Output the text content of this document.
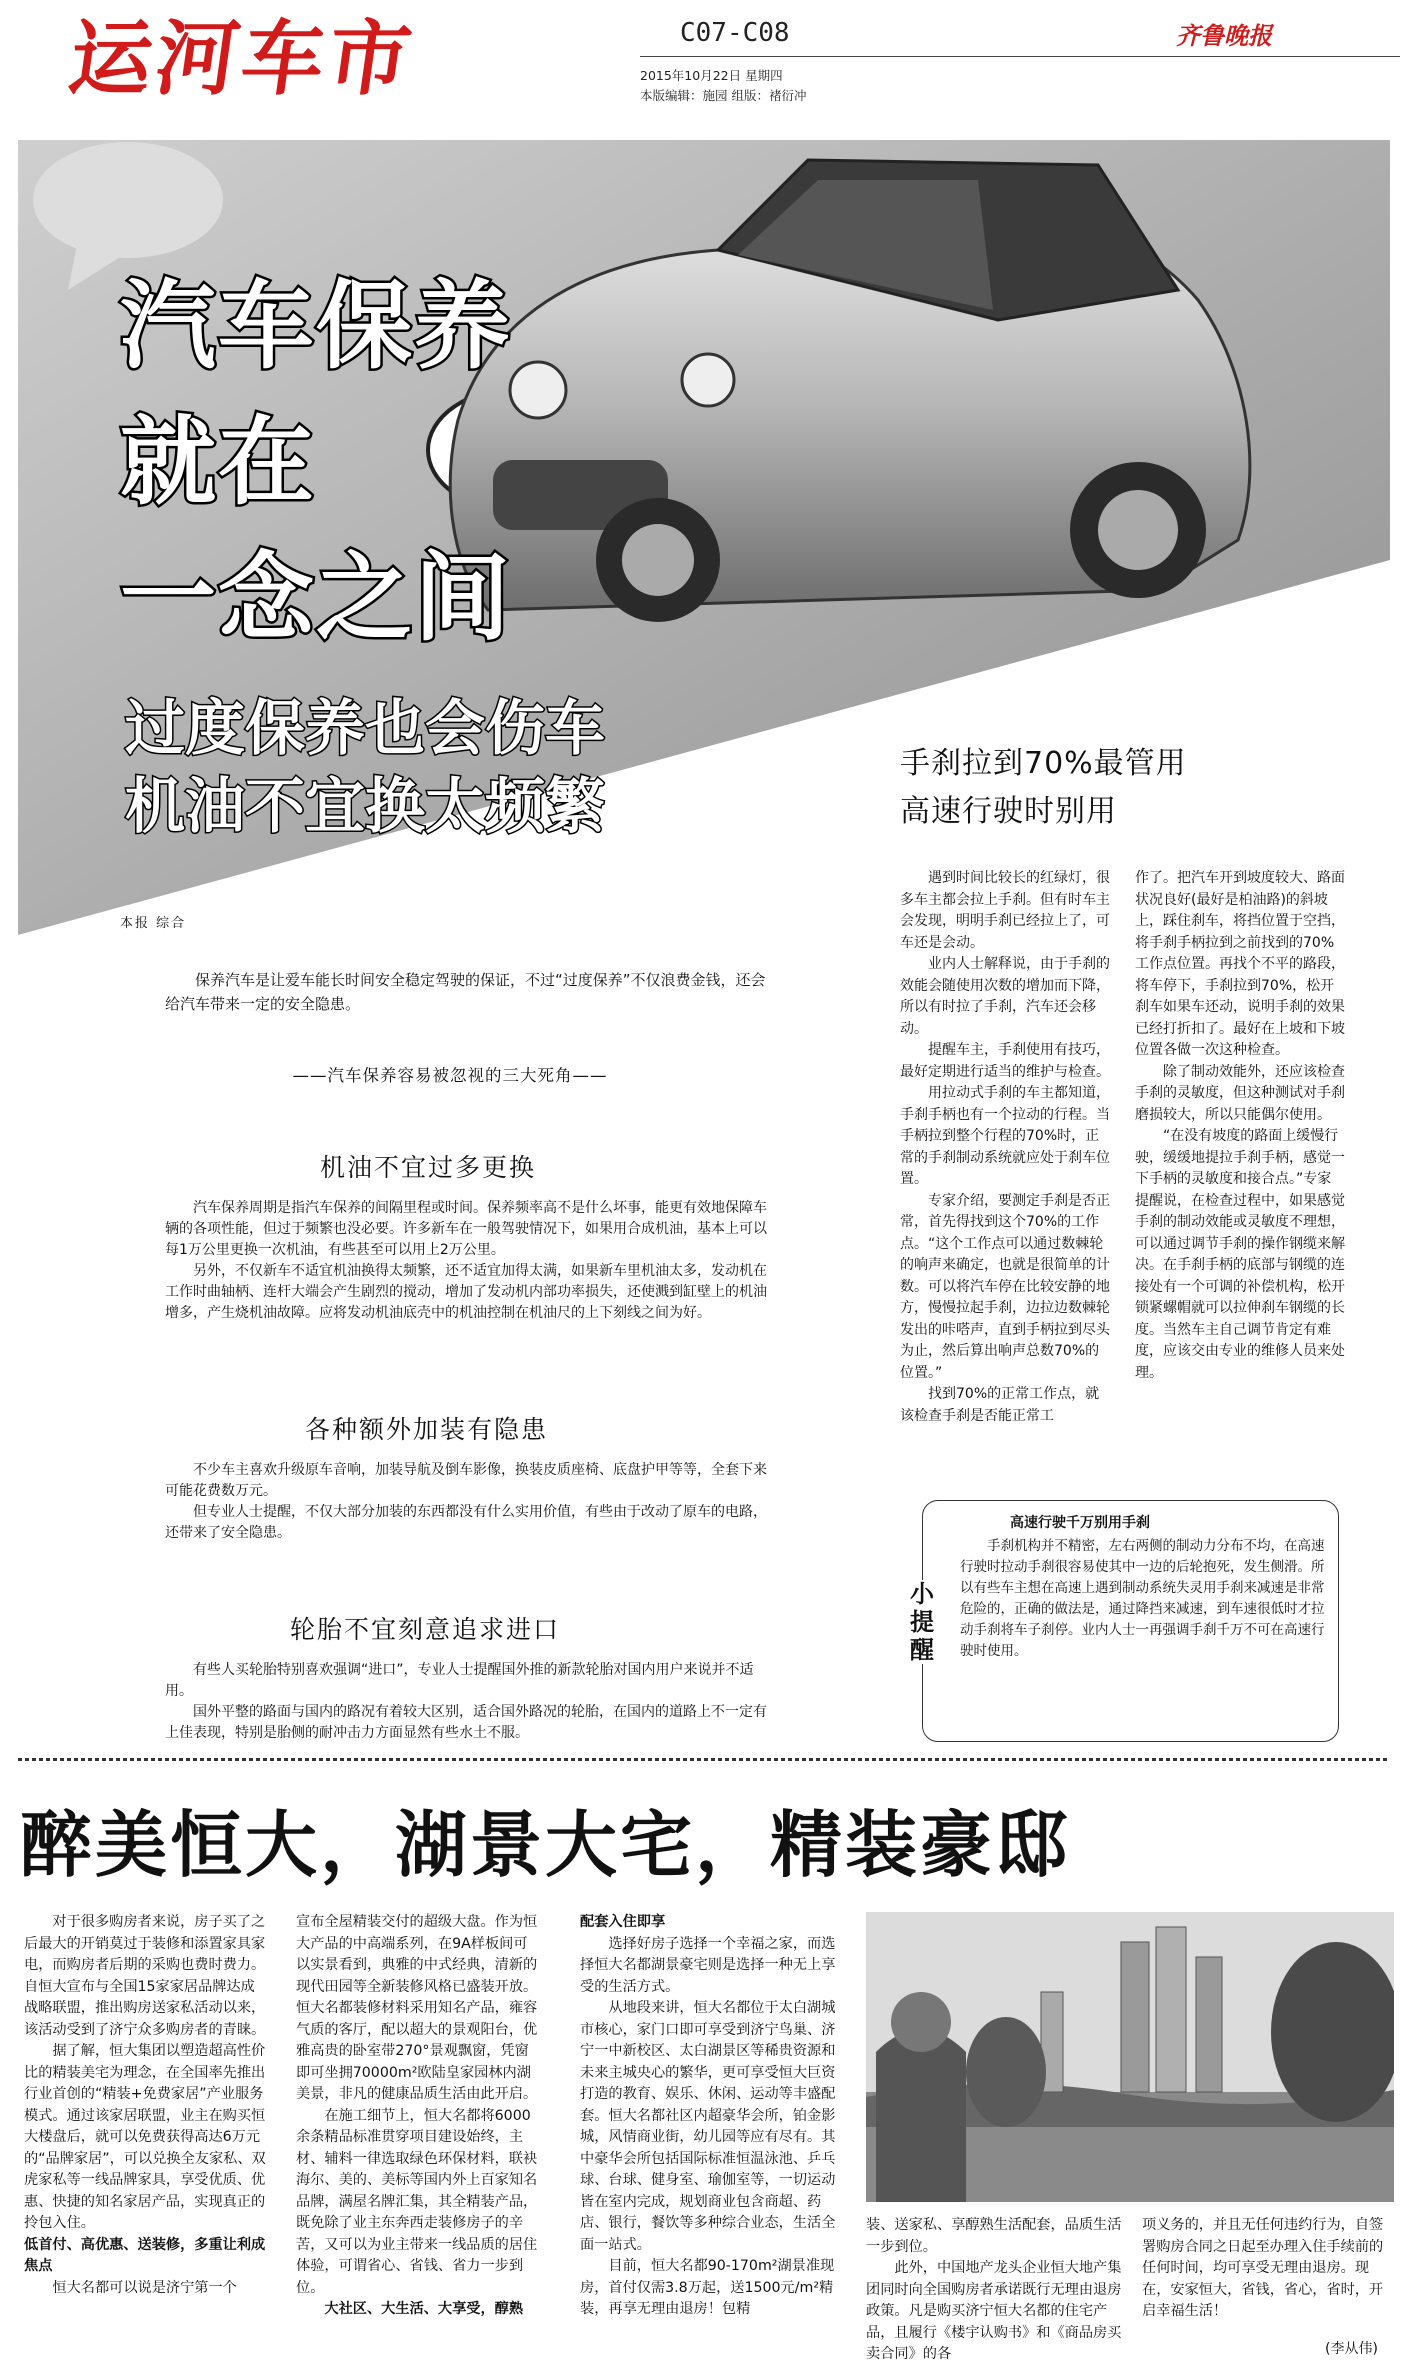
运河车市	C07-C08
2015年10月22日 星期四
本版编辑：施园 组版：褚衍冲
齐鲁晚报
汽车保养
就在
一念之间
过度保养也会伤车
机油不宜换太频繁
本报 综合

保养汽车是让爱车能长时间安全稳定驾驶的保证，不过“过度保养”不仅浪费金钱，还会给汽车带来一定的安全隐患。

——汽车保养容易被忽视的三大死角——
机油不宜过多更换

汽车保养周期是指汽车保养的间隔里程或时间。保养频率高不是什么坏事，能更有效地保障车辆的各项性能，但过于频繁也没必要。许多新车在一般驾驶情况下，如果用合成机油，基本上可以每1万公里更换一次机油，有些甚至可以用上2万公里。

另外，不仅新车不适宜机油换得太频繁，还不适宜加得太满，如果新车里机油太多，发动机在工作时曲轴柄、连杆大端会产生剧烈的搅动，增加了发动机内部功率损失，还使溅到缸壁上的机油增多，产生烧机油故障。应将发动机油底壳中的机油控制在机油尺的上下刻线之间为好。

各种额外加装有隐患

不少车主喜欢升级原车音响，加装导航及倒车影像，换装皮质座椅、底盘护甲等等，全套下来可能花费数万元。

但专业人士提醒，不仅大部分加装的东西都没有什么实用价值，有些由于改动了原车的电路，还带来了安全隐患。

轮胎不宜刻意追求进口

有些人买轮胎特别喜欢强调“进口”，专业人士提醒国外推的新款轮胎对国内用户来说并不适用。

国外平整的路面与国内的路况有着较大区别，适合国外路况的轮胎，在国内的道路上不一定有上佳表现，特别是胎侧的耐冲击力方面显然有些水土不服。

手刹拉到70%最管用
高速行驶时别用

遇到时间比较长的红绿灯，很多车主都会拉上手刹。但有时车主会发现，明明手刹已经拉上了，可车还是会动。

业内人士解释说，由于手刹的效能会随使用次数的增加而下降，所以有时拉了手刹，汽车还会移动。

提醒车主，手刹使用有技巧，最好定期进行适当的维护与检查。

用拉动式手刹的车主都知道，手刹手柄也有一个拉动的行程。当手柄拉到整个行程的70%时，正常的手刹制动系统就应处于刹车位置。

专家介绍，要测定手刹是否正常，首先得找到这个70%的工作点。“这个工作点可以通过数棘轮的响声来确定，也就是很简单的计数。可以将汽车停在比较安静的地方，慢慢拉起手刹，边拉边数棘轮发出的咔嗒声，直到手柄拉到尽头为止，然后算出响声总数70%的位置。”

找到70%的正常工作点，就该检查手刹是否能正常工

作了。把汽车开到坡度较大、路面状况良好(最好是柏油路)的斜坡上，踩住刹车，将挡位置于空挡，将手刹手柄拉到之前找到的70%工作点位置。再找个不平的路段，将车停下，手刹拉到70%，松开刹车如果车还动，说明手刹的效果已经打折扣了。最好在上坡和下坡位置各做一次这种检查。

除了制动效能外，还应该检查手刹的灵敏度，但这种测试对手刹磨损较大，所以只能偶尔使用。

“在没有坡度的路面上缓慢行驶，缓缓地提拉手刹手柄，感觉一下手柄的灵敏度和接合点。”专家提醒说，在检查过程中，如果感觉手刹的制动效能或灵敏度不理想，可以通过调节手刹的操作钢缆来解决。在手刹手柄的底部与钢缆的连接处有一个可调的补偿机构，松开锁紧螺帽就可以拉伸刹车钢缆的长度。当然车主自己调节肯定有难度，应该交由专业的维修人员来处理。

小提醒
高速行驶千万别用手刹

手刹机构并不精密，左右两侧的制动力分布不均，在高速行驶时拉动手刹很容易使其中一边的后轮抱死，发生侧滑。所以有些车主想在高速上遇到制动系统失灵用手刹来减速是非常危险的，正确的做法是，通过降挡来减速，到车速很低时才拉动手刹将车子刹停。业内人士一再强调手刹千万不可在高速行驶时使用。

醉美恒大，湖景大宅，精装豪邸

对于很多购房者来说，房子买了之后最大的开销莫过于装修和添置家具家电，而购房者后期的采购也费时费力。自恒大宣布与全国15家家居品牌达成战略联盟，推出购房送家私活动以来，该活动受到了济宁众多购房者的青睐。

据了解，恒大集团以塑造超高性价比的精装美宅为理念，在全国率先推出行业首创的“精装+免费家居”产业服务模式。通过该家居联盟，业主在购买恒大楼盘后，就可以免费获得高达6万元的“品牌家居”，可以兑换全友家私、双虎家私等一线品牌家具，享受优质、优惠、快捷的知名家居产品，实现真正的拎包入住。

低首付、高优惠、送装修，多重让利成焦点

恒大名都可以说是济宁第一个

宣布全屋精装交付的超级大盘。作为恒大产品的中高端系列，在9A样板间可以实景看到，典雅的中式经典，清新的现代田园等全新装修风格已盛装开放。恒大名都装修材料采用知名产品，雍容气质的客厅，配以超大的景观阳台，优雅高贵的卧室带270°景观飘窗，凭窗即可坐拥70000m²欧陆皇家园林内湖美景，非凡的健康品质生活由此开启。

在施工细节上，恒大名都将6000余条精品标准贯穿项目建设始终，主材、辅料一律选取绿色环保材料，联袂海尔、美的、美标等国内外上百家知名品牌，满屋名牌汇集，其全精装产品，既免除了业主东奔西走装修房子的辛苦，又可以为业主带来一线品质的居住体验，可谓省心、省钱、省力一步到位。

大社区、大生活、大享受，醇熟

配套入住即享

选择好房子选择一个幸福之家，而选择恒大名都湖景豪宅则是选择一种无上享受的生活方式。

从地段来讲，恒大名都位于太白湖城市核心，家门口即可享受到济宁鸟巢、济宁一中新校区、太白湖景区等稀贵资源和未来主城央心的繁华，更可享受恒大巨资打造的教育、娱乐、休闲、运动等丰盛配套。恒大名都社区内超豪华会所，铂金影城，风情商业街，幼儿园等应有尽有。其中豪华会所包括国际标准恒温泳池、乒乓球、台球、健身室、瑜伽室等，一切运动皆在室内完成，规划商业包含商超、药店、银行，餐饮等多种综合业态，生活全面一站式。

目前，恒大名都90-170m²湖景准现房，首付仅需3.8万起，送1500元/m²精装，再享无理由退房！包精

装、送家私、享醇熟生活配套，品质生活一步到位。

此外，中国地产龙头企业恒大地产集团同时向全国购房者承诺既行无理由退房政策。凡是购买济宁恒大名都的住宅产品，且履行《楼宇认购书》和《商品房买卖合同》的各

项义务的，并且无任何违约行为，自签署购房合同之日起至办理入住手续前的任何时间，均可享受无理由退房。现在，安家恒大，省钱，省心，省时，开启幸福生活！

(李从伟)
